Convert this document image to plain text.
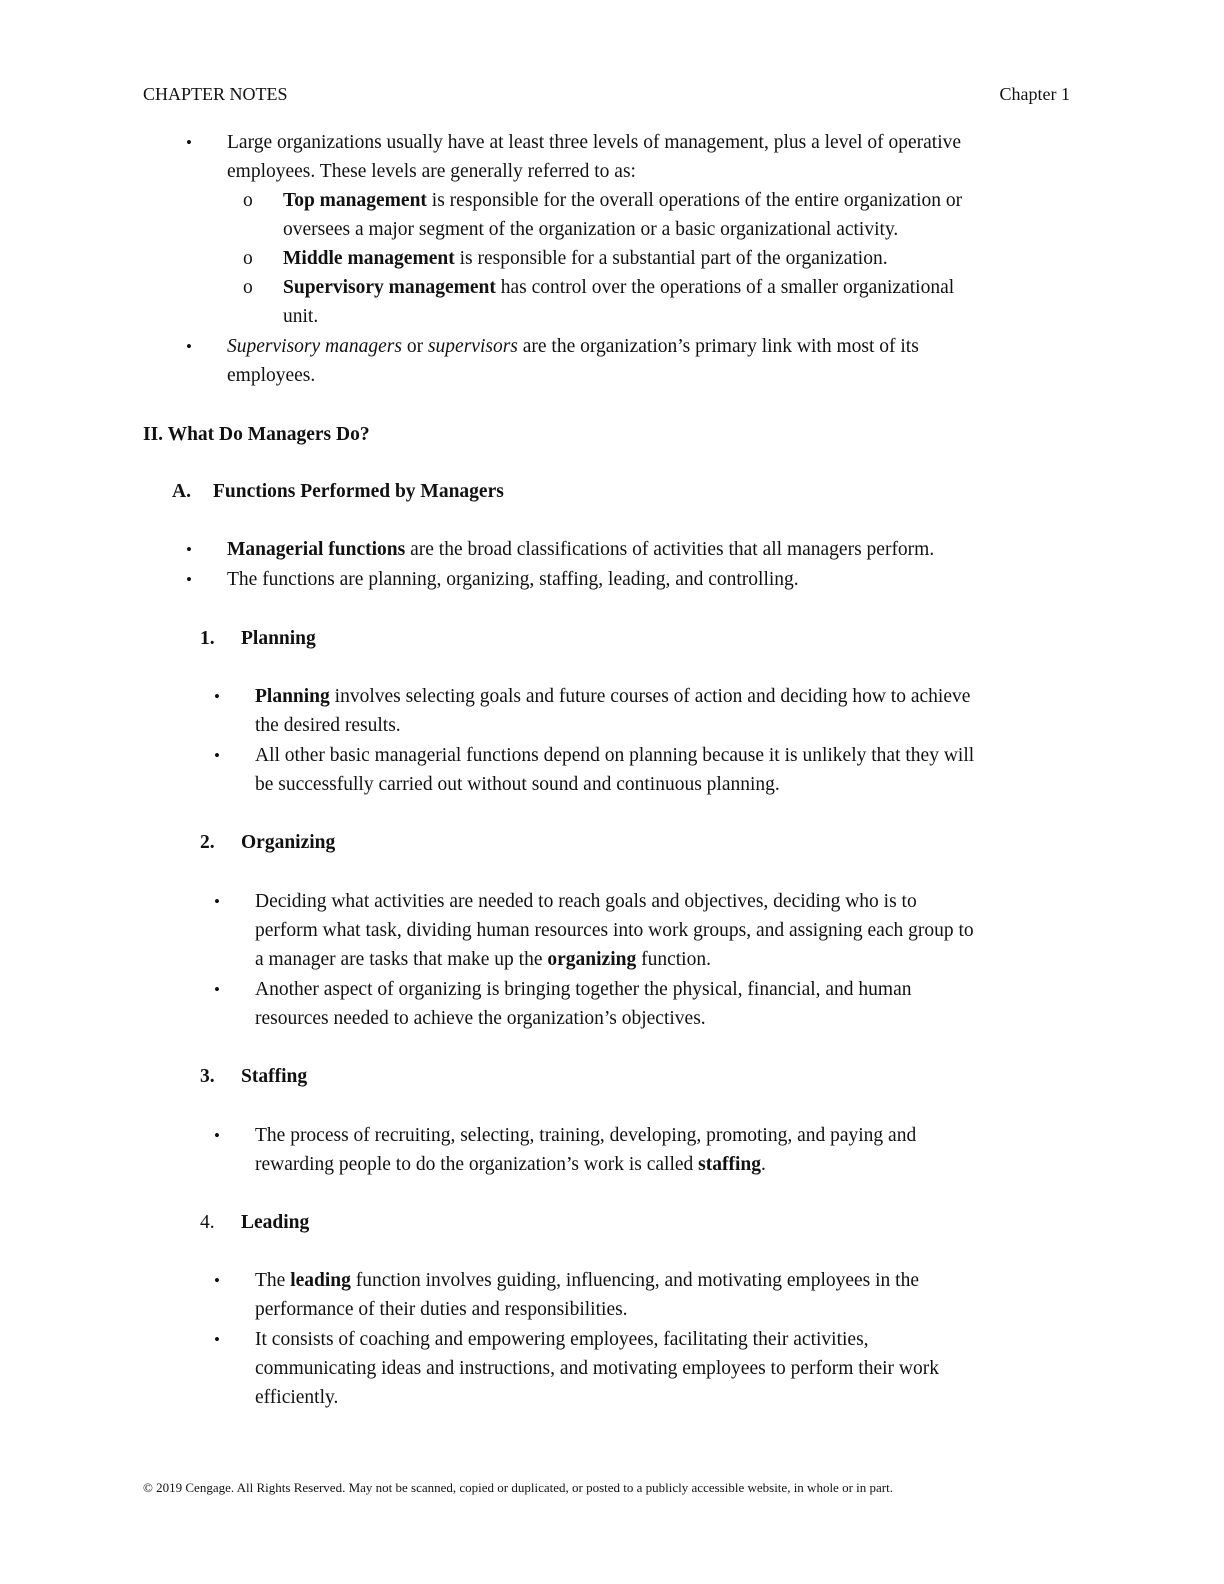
CHAPTER NOTES	Chapter 1
• Large organizations usually have at least three levels of management, plus a level of operative
employees. These levels are generally referred to as:
o Top management is responsible for the overall operations of the entire organization or
oversees a major segment of the organization or a basic organizational activity.
o Middle management is responsible for a substantial part of the organization.
o Supervisory management has control over the operations of a smaller organizational
unit.
• Supervisory managers or supervisors are the organization’s primary link with most of its
employees.
II. What Do Managers Do?
A. Functions Performed by Managers
• Managerial functions are the broad classifications of activities that all managers perform.
• The functions are planning, organizing, staffing, leading, and controlling.
1. Planning
• Planning involves selecting goals and future courses of action and deciding how to achieve
the desired results.
• All other basic managerial functions depend on planning because it is unlikely that they will
be successfully carried out without sound and continuous planning.
2. Organizing
• Deciding what activities are needed to reach goals and objectives, deciding who is to
perform what task, dividing human resources into work groups, and assigning each group to
a manager are tasks that make up the organizing function.
• Another aspect of organizing is bringing together the physical, financial, and human
resources needed to achieve the organization’s objectives.
3. Staffing
• The process of recruiting, selecting, training, developing, promoting, and paying and
rewarding people to do the organization’s work is called staffing.
4. Leading
• The leading function involves guiding, influencing, and motivating employees in the
performance of their duties and responsibilities.
• It consists of coaching and empowering employees, facilitating their activities,
communicating ideas and instructions, and motivating employees to perform their work
efficiently.
© 2019 Cengage. All Rights Reserved. May not be scanned, copied or duplicated, or posted to a publicly accessible website, in whole or in part.
